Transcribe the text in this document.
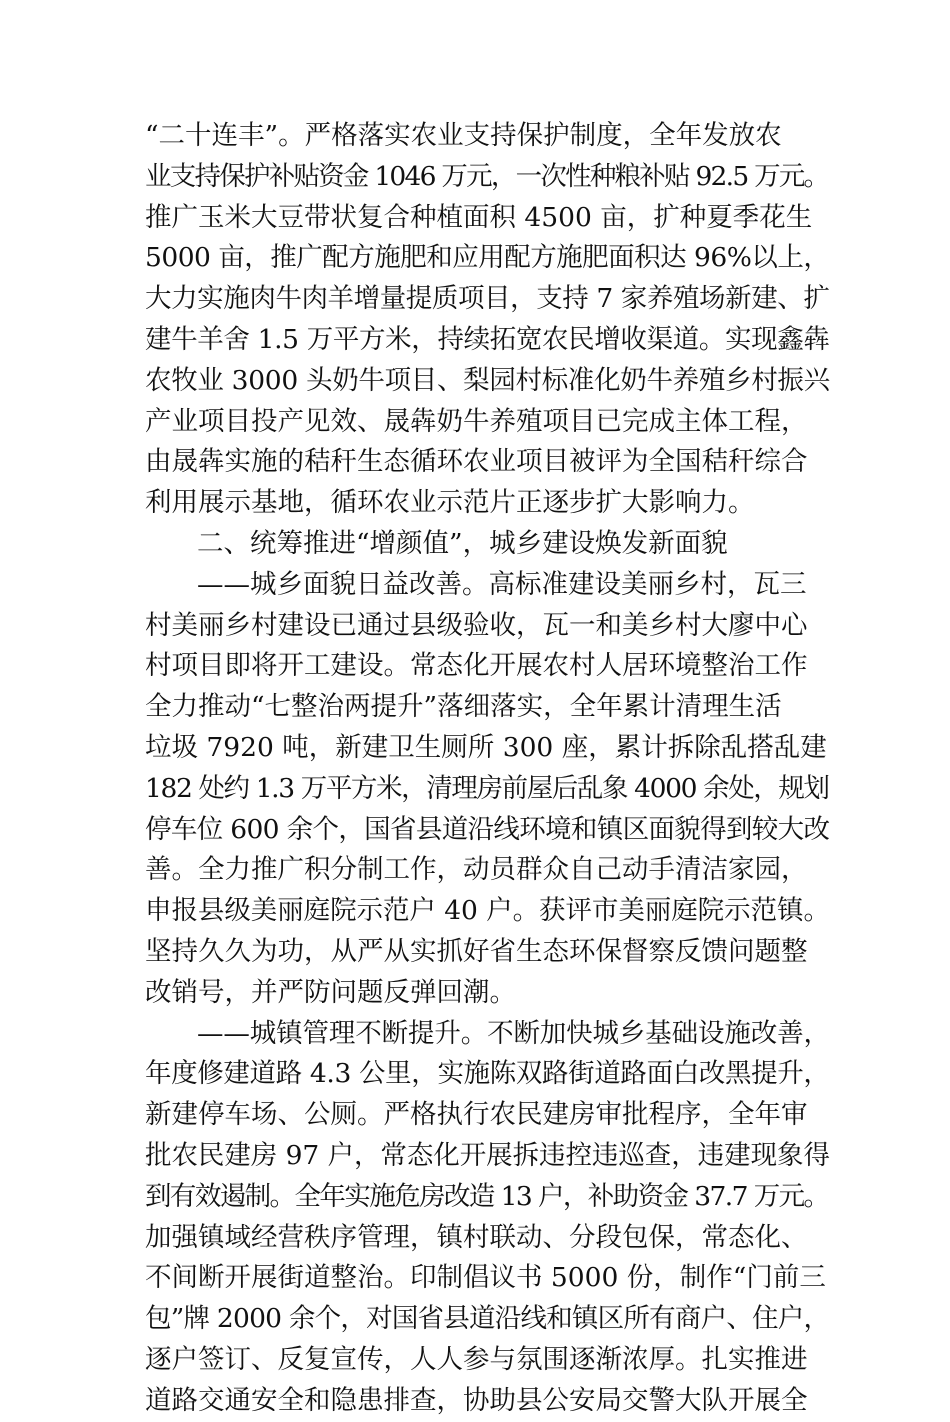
“二十连丰”。严格落实农业支持保护制度，全年发放农
业支持保护补贴资金 1046 万元，一次性种粮补贴 92.5 万元。
推广玉米大豆带状复合种植面积 4500 亩，扩种夏季花生
5000 亩，推广配方施肥和应用配方施肥面积达 96%以上，
大力实施肉牛肉羊增量提质项目，支持 7 家养殖场新建、扩
建牛羊舍 1.5 万平方米，持续拓宽农民增收渠道。实现鑫犇
农牧业 3000 头奶牛项目、梨园村标准化奶牛养殖乡村振兴
产业项目投产见效、晟犇奶牛养殖项目已完成主体工程，
由晟犇实施的秸秆生态循环农业项目被评为全国秸秆综合
利用展示基地，循环农业示范片正逐步扩大影响力。
二、统筹推进“增颜值”，城乡建设焕发新面貌
——城乡面貌日益改善。高标准建设美丽乡村，瓦三
村美丽乡村建设已通过县级验收，瓦一和美乡村大廖中心
村项目即将开工建设。常态化开展农村人居环境整治工作
全力推动“七整治两提升”落细落实，全年累计清理生活
垃圾 7920 吨，新建卫生厕所 300 座，累计拆除乱搭乱建
182 处约 1.3 万平方米，清理房前屋后乱象 4000 余处，规划
停车位 600 余个，国省县道沿线环境和镇区面貌得到较大改
善。全力推广积分制工作，动员群众自己动手清洁家园，
申报县级美丽庭院示范户 40 户。获评市美丽庭院示范镇。
坚持久久为功，从严从实抓好省生态环保督察反馈问题整
改销号，并严防问题反弹回潮。
——城镇管理不断提升。不断加快城乡基础设施改善，
年度修建道路 4.3 公里，实施陈双路街道路面白改黑提升，
新建停车场、公厕。严格执行农民建房审批程序，全年审
批农民建房 97 户，常态化开展拆违控违巡查，违建现象得
到有效遏制。全年实施危房改造 13 户，补助资金 37.7 万元。
加强镇域经营秩序管理，镇村联动、分段包保，常态化、
不间断开展街道整治。印制倡议书 5000 份，制作“门前三
包”牌 2000 余个，对国省县道沿线和镇区所有商户、住户，
逐户签订、反复宣传，人人参与氛围逐渐浓厚。扎实推进
道路交通安全和隐患排查，协助县公安局交警大队开展全
